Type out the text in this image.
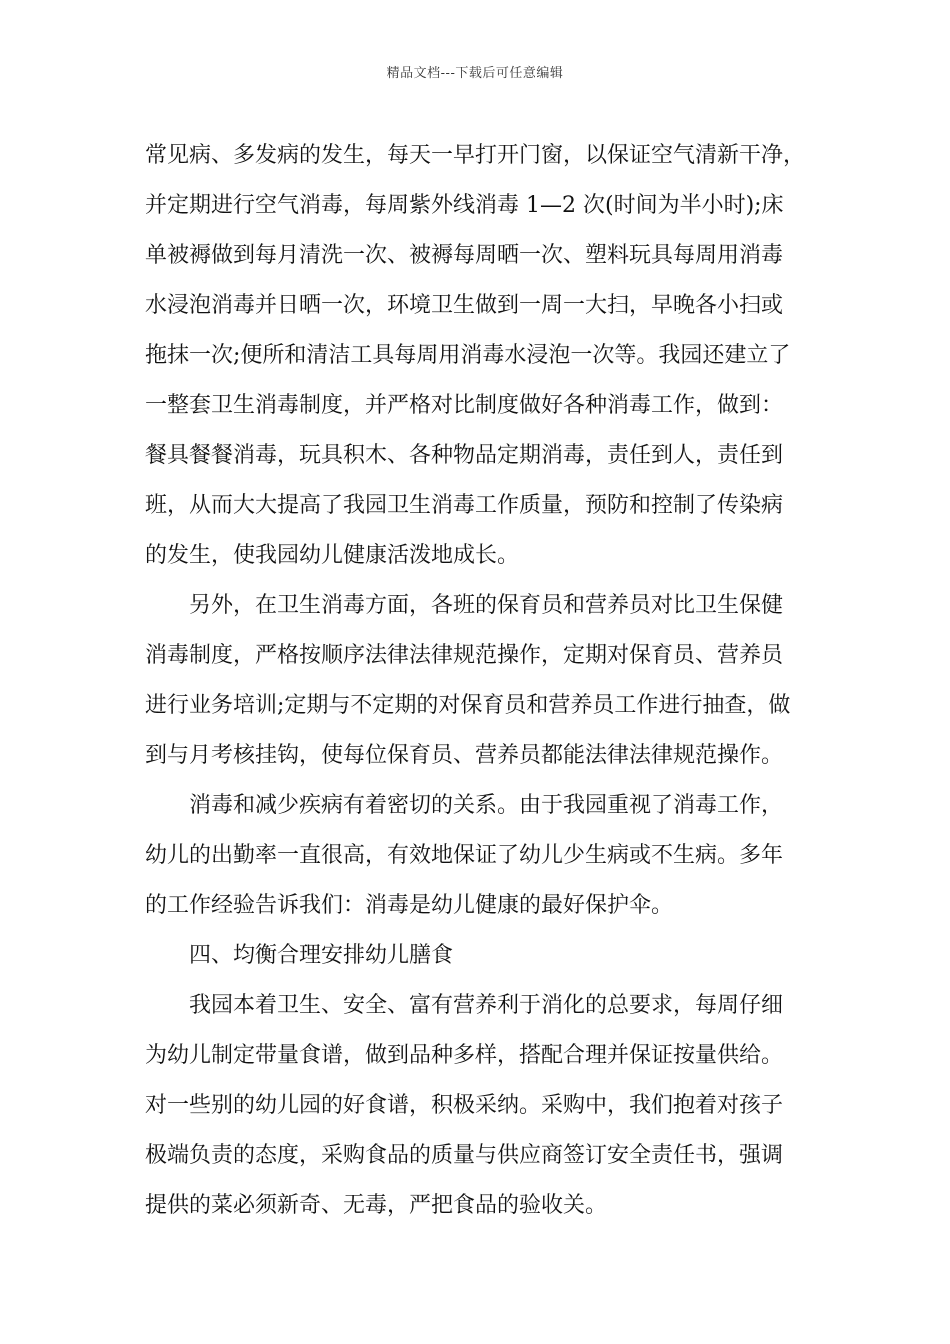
精品文档---下载后可任意编辑
常见病、多发病的发生，每天一早打开门窗，以保证空气清新干净，
并定期进行空气消毒，每周紫外线消毒 1—2 次(时间为半小时);床
单被褥做到每月清洗一次、被褥每周晒一次、塑料玩具每周用消毒
水浸泡消毒并日晒一次，环境卫生做到一周一大扫，早晚各小扫或
拖抹一次;便所和清洁工具每周用消毒水浸泡一次等。我园还建立了
一整套卫生消毒制度，并严格对比制度做好各种消毒工作，做到：
餐具餐餐消毒，玩具积木、各种物品定期消毒，责任到人，责任到
班，从而大大提高了我园卫生消毒工作质量，预防和控制了传染病
的发生，使我园幼儿健康活泼地成长。
另外，在卫生消毒方面，各班的保育员和营养员对比卫生保健
消毒制度，严格按顺序法律法律规范操作，定期对保育员、营养员
进行业务培训;定期与不定期的对保育员和营养员工作进行抽查，做
到与月考核挂钩，使每位保育员、营养员都能法律法律规范操作。
消毒和减少疾病有着密切的关系。由于我园重视了消毒工作，
幼儿的出勤率一直很高，有效地保证了幼儿少生病或不生病。多年
的工作经验告诉我们：消毒是幼儿健康的最好保护伞。
四、均衡合理安排幼儿膳食
我园本着卫生、安全、富有营养利于消化的总要求，每周仔细
为幼儿制定带量食谱，做到品种多样，搭配合理并保证按量供给。
对一些别的幼儿园的好食谱，积极采纳。采购中，我们抱着对孩子
极端负责的态度，采购食品的质量与供应商签订安全责任书，强调
提供的菜必须新奇、无毒，严把食品的验收关。
